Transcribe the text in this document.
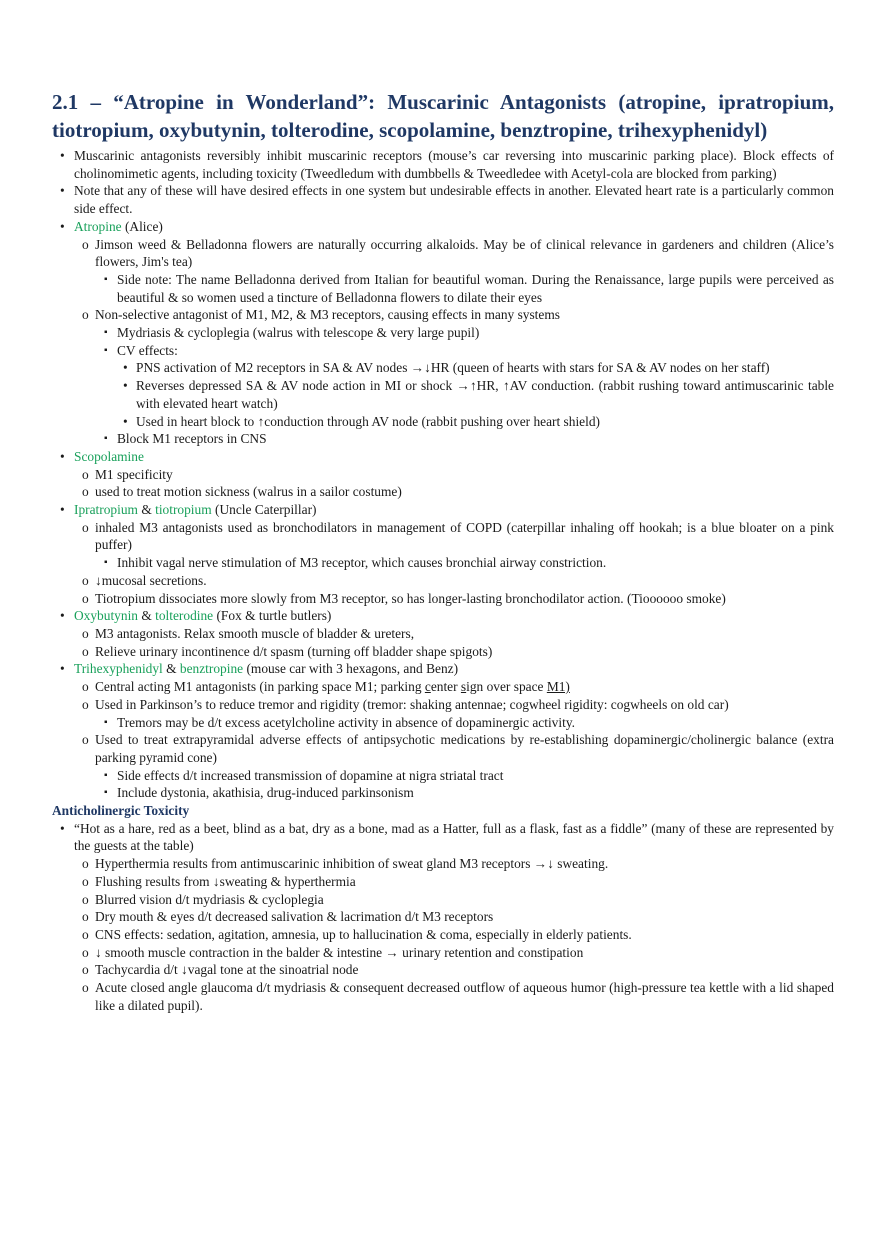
2.1 – “Atropine in Wonderland”: Muscarinic Antagonists (atropine, ipratropium, tiotropium, oxybutynin, tolterodine, scopolamine, benztropine, trihexyphenidyl)

• Muscarinic antagonists reversibly inhibit muscarinic receptors (mouse’s car reversing into muscarinic parking place). Block effects of cholinomimetic agents, including toxicity (Tweedledum with dumbbells & Tweedledee with Acetyl-cola are blocked from parking)

• Note that any of these will have desired effects in one system but undesirable effects in another. Elevated heart rate is a particularly common side effect.

• Atropine (Alice)

o Jimson weed & Belladonna flowers are naturally occurring alkaloids. May be of clinical relevance in gardeners and children (Alice’s flowers, Jim's tea)

▪ Side note: The name Belladonna derived from Italian for beautiful woman. During the Renaissance, large pupils were perceived as beautiful & so women used a tincture of Belladonna flowers to dilate their eyes

o Non-selective antagonist of M1, M2, & M3 receptors, causing effects in many systems

▪ Mydriasis & cycloplegia (walrus with telescope & very large pupil)

▪ CV effects:

• PNS activation of M2 receptors in SA & AV nodes →↓HR (queen of hearts with stars for SA & AV nodes on her staff)

• Reverses depressed SA & AV node action in MI or shock →↑HR, ↑AV conduction. (rabbit rushing toward antimuscarinic table with elevated heart watch)

• Used in heart block to ↑conduction through AV node (rabbit pushing over heart shield)

▪ Block M1 receptors in CNS

• Scopolamine

o M1 specificity

o used to treat motion sickness (walrus in a sailor costume)

• Ipratropium & tiotropium (Uncle Caterpillar)

o inhaled M3 antagonists used as bronchodilators in management of COPD (caterpillar inhaling off hookah; is a blue bloater on a pink puffer)

▪ Inhibit vagal nerve stimulation of M3 receptor, which causes bronchial airway constriction.

o ↓mucosal secretions.

o Tiotropium dissociates more slowly from M3 receptor, so has longer-lasting bronchodilator action. (Tioooooo smoke)

• Oxybutynin & tolterodine (Fox & turtle butlers)

o M3 antagonists. Relax smooth muscle of bladder & ureters,

o Relieve urinary incontinence d/t spasm (turning off bladder shape spigots)

• Trihexyphenidyl & benztropine (mouse car with 3 hexagons, and Benz)

o Central acting M1 antagonists (in parking space M1; parking center sign over space M1)

o Used in Parkinson’s to reduce tremor and rigidity (tremor: shaking antennae; cogwheel rigidity: cogwheels on old car)

▪ Tremors may be d/t excess acetylcholine activity in absence of dopaminergic activity.

o Used to treat extrapyramidal adverse effects of antipsychotic medications by re-establishing dopaminergic/cholinergic balance (extra parking pyramid cone)

▪ Side effects d/t increased transmission of dopamine at nigra striatal tract

▪ Include dystonia, akathisia, drug-induced parkinsonism

Anticholinergic Toxicity

• “Hot as a hare, red as a beet, blind as a bat, dry as a bone, mad as a Hatter, full as a flask, fast as a fiddle” (many of these are represented by the guests at the table)

o Hyperthermia results from antimuscarinic inhibition of sweat gland M3 receptors →↓ sweating.

o Flushing results from ↓sweating & hyperthermia

o Blurred vision d/t mydriasis & cycloplegia

o Dry mouth & eyes d/t decreased salivation & lacrimation d/t M3 receptors

o CNS effects: sedation, agitation, amnesia, up to hallucination & coma, especially in elderly patients.

o ↓ smooth muscle contraction in the balder & intestine → urinary retention and constipation

o Tachycardia d/t ↓vagal tone at the sinoatrial node

o Acute closed angle glaucoma d/t mydriasis & consequent decreased outflow of aqueous humor (high-pressure tea kettle with a lid shaped like a dilated pupil).
